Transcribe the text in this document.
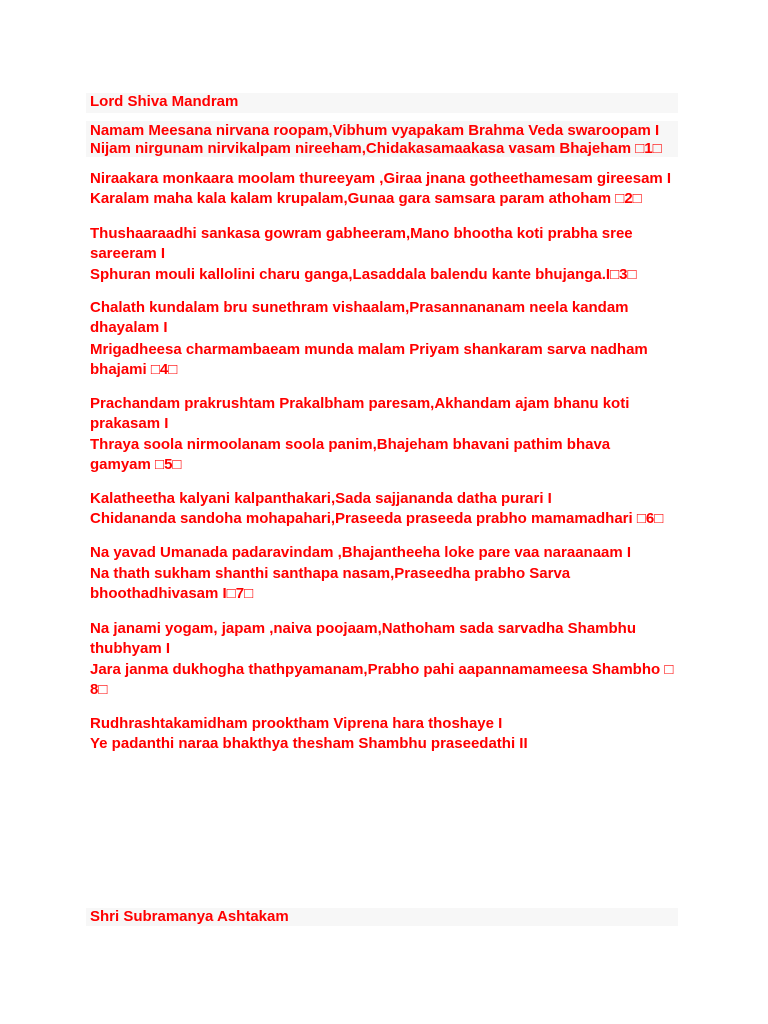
Lord Shiva Mandram
Namam Meesana nirvana roopam,Vibhum vyapakam Brahma Veda swaroopam I
Nijam nirgunam nirvikalpam nireeham,Chidakasamaakasa vasam Bhajeham □1□
Niraakara monkaara moolam thureeyam ,Giraa jnana gotheethamesam gireesam I
Karalam maha kala kalam krupalam,Gunaa gara samsara param athoham □2□
Thushaaraadhi sankasa gowram gabheeram,Mano bhootha koti prabha sree
sareeram I
Sphuran mouli kallolini charu ganga,Lasaddala balendu kante bhujanga.I□3□
Chalath kundalam bru sunethram vishaalam,Prasannananam neela kandam
dhayalam I
Mrigadheesa charmambaeam munda malam Priyam shankaram sarva nadham
bhajami □4□
Prachandam prakrushtam Prakalbham paresam,Akhandam ajam bhanu koti
prakasam I
Thraya soola nirmoolanam soola panim,Bhajeham bhavani pathim bhava
gamyam □5□
Kalatheetha kalyani kalpanthakari,Sada sajjananda datha purari I
Chidananda sandoha mohapahari,Praseeda praseeda prabho mamamadhari □6□
Na yavad Umanada padaravindam ,Bhajantheeha loke pare vaa naraanaam I
Na thath sukham shanthi santhapa nasam,Praseedha prabho Sarva
bhoothadhivasam I□7□
Na janami yogam, japam ,naiva poojaam,Nathoham sada sarvadha Shambhu
thubhyam I
Jara janma dukhogha thathpyamanam,Prabho pahi aapannamameesa Shambho □
8□
Rudhrashtakamidham prooktham Viprena hara thoshaye I
Ye padanthi naraa bhakthya thesham Shambhu praseedathi II
Shri Subramanya Ashtakam
